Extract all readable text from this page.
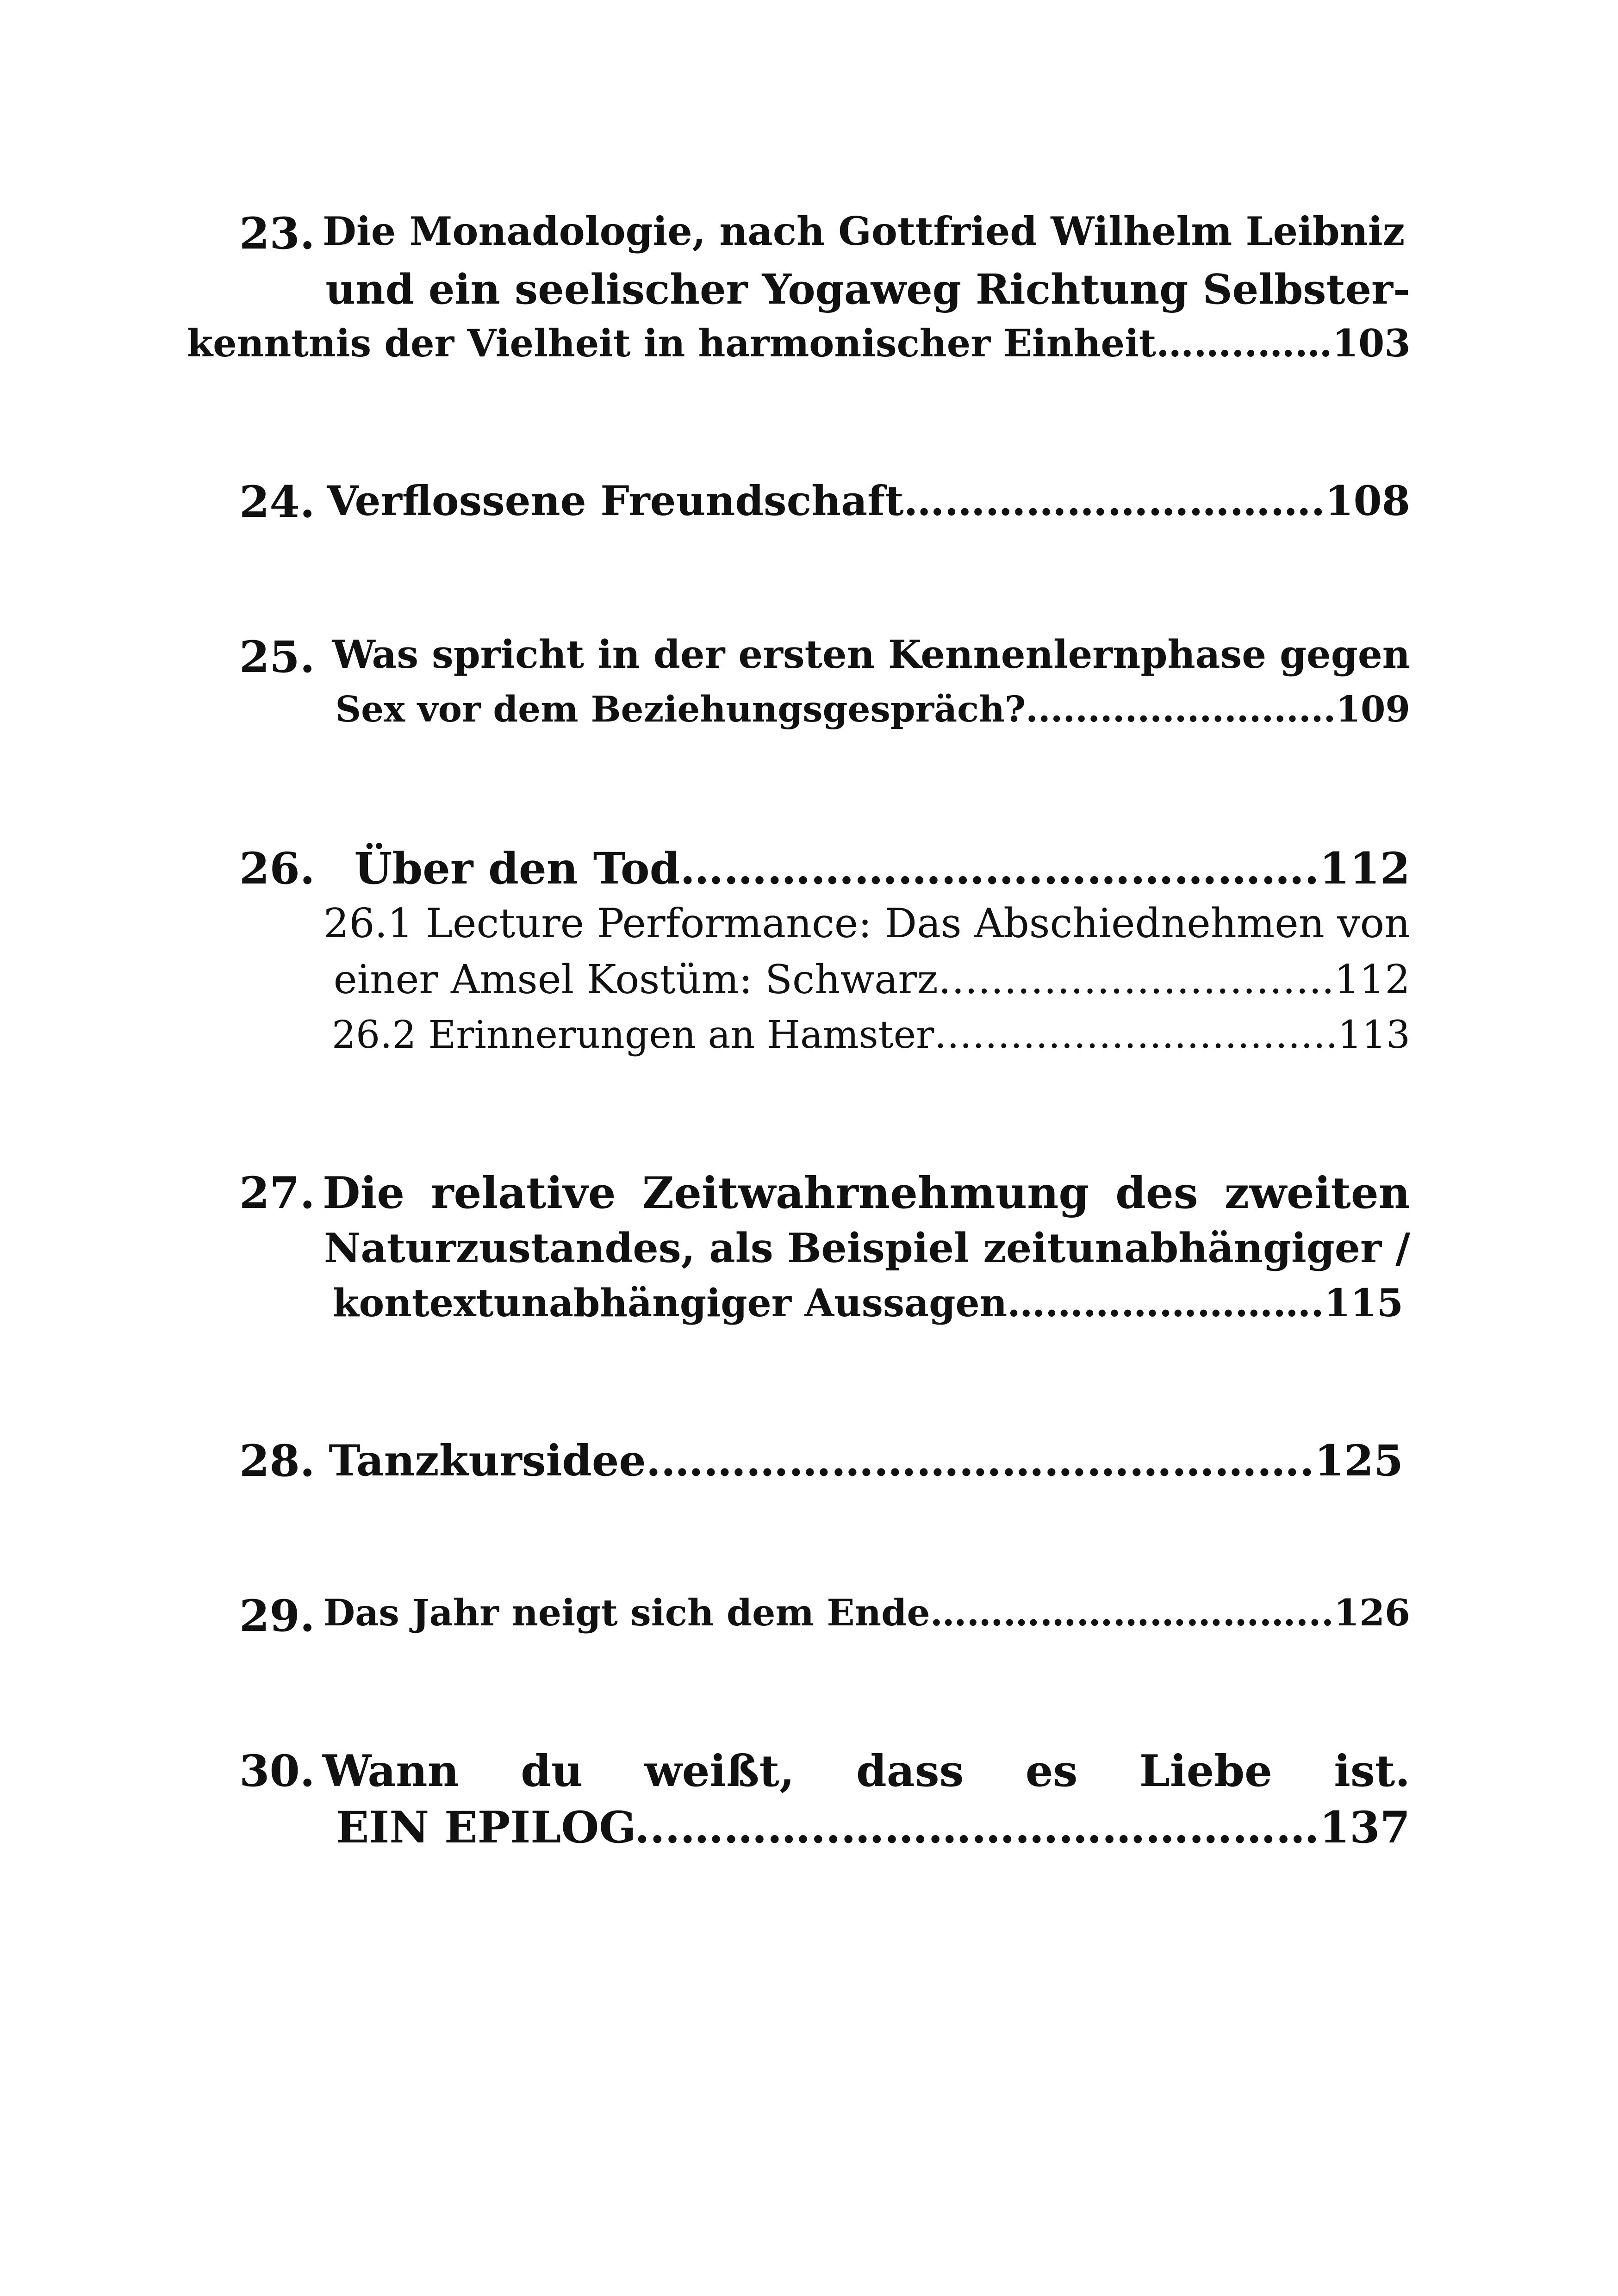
23. Die Monadologie, nach Gottfried Wilhelm Leibniz
und ein seelischer Yogaweg Richtung Selbster-
kenntnis der Vielheit in harmonischer Einheit……..……103
24. Verflossene Freundschaft………………………….108
25. Was spricht in der ersten Kennenlernphase gegen
Sex vor dem Beziehungsgespräch?.........................109
26. Über den Tod…………………….……………….112
26.1 Lecture Performance: Das Abschiednehmen von
einer Amsel Kostüm: Schwarz….……………………..112
26.2 Erinnerungen an Hamster……………….………….113
27. Die relative Zeitwahrnehmung des zweiten
Naturzustandes, als Beispiel zeitunabhängiger /
kontextunabhängiger Aussagen…………………….115
28. Tanzkursidee.……………………………………….125
29. Das Jahr neigt sich dem Ende…………………………...126
30. Wann du weißt, dass es Liebe ist.
EIN EPILOG...………..……………………………137
